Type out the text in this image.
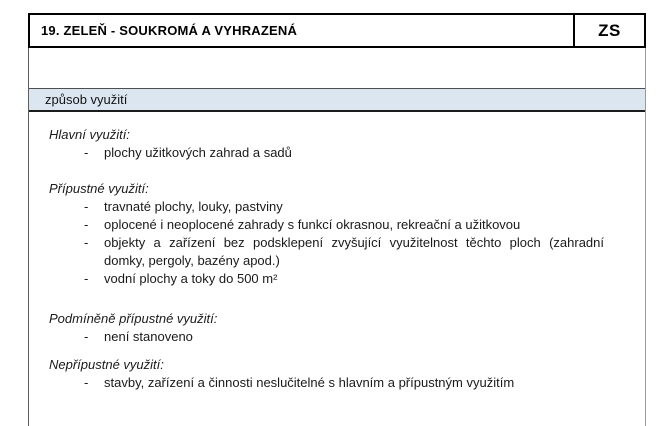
19. ZELEŇ - SOUKROMÁ A VYHRAZENÁ	ZS
způsob využití
Hlavní využití:
- plochy užitkových zahrad a sadů
Přípustné využití:
- travnaté plochy, louky, pastviny
- oplocené i neoplocené zahrady s funkcí okrasnou, rekreační a užitkovou
- objekty a zařízení bez podsklepení zvyšující využitelnost těchto ploch (zahradní domky, pergoly, bazény apod.)
- vodní plochy a toky do 500 m²
Podmíněně přípustné využití:
- není stanoveno
Nepřípustné využití:
- stavby, zařízení a činnosti neslučitelné s hlavním a přípustným využitím
